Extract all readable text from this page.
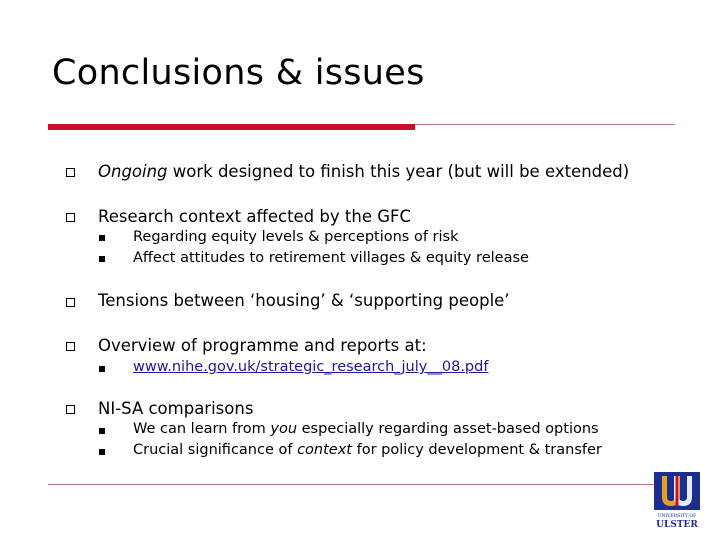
Conclusions & issues
Ongoing work designed to finish this year (but will be extended)
Research context affected by the GFC
Regarding equity levels & perceptions of risk
Affect attitudes to retirement villages & equity release
Tensions between ‘housing’ & ‘supporting people’
Overview of programme and reports at:
www.nihe.gov.uk/strategic_research_july__08.pdf
NI-SA comparisons
We can learn from you especially regarding asset-based options
Crucial significance of context for policy development & transfer
UNIVERSITY OF
ULSTER
